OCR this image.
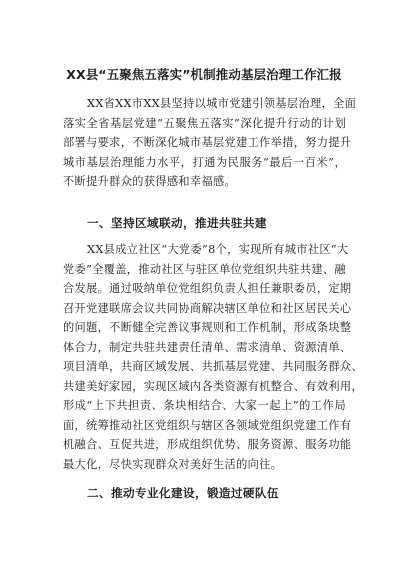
XX县“五聚焦五落实”机制推动基层治理工作汇报
XX省XX市XX县坚持以城市党建引领基层治理，全面
落实全省基层党建“五聚焦五落实”深化提升行动的计划
部署与要求，不断深化城市基层党建工作举措，努力提升
城市基层治理能力水平，打通为民服务“最后一百米”，
不断提升群众的获得感和幸福感。
一、坚持区域联动，推进共驻共建
XX县成立社区“大党委”8个，实现所有城市社区“大
党委”全覆盖，推动社区与驻区单位党组织共驻共建、融
合发展。通过吸纳单位党组织负责人担任兼职委员，定期
召开党建联席会议共同协商解决辖区单位和社区居民关心
的问题，不断健全完善议事规则和工作机制，形成条块整
体合力，制定共驻共建责任清单、需求清单、资源清单、
项目清单，共商区域发展、共抓基层党建、共同服务群众、
共建美好家园，实现区域内各类资源有机整合、有效利用，
形成“上下共担责、条块相结合、大家一起上”的工作局
面，统筹推动社区党组织与辖区各领域党组织党建工作有
机融合、互促共进，形成组织优势、服务资源、服务功能
最大化，尽快实现群众对美好生活的向往。
二、推动专业化建设，锻造过硬队伍
